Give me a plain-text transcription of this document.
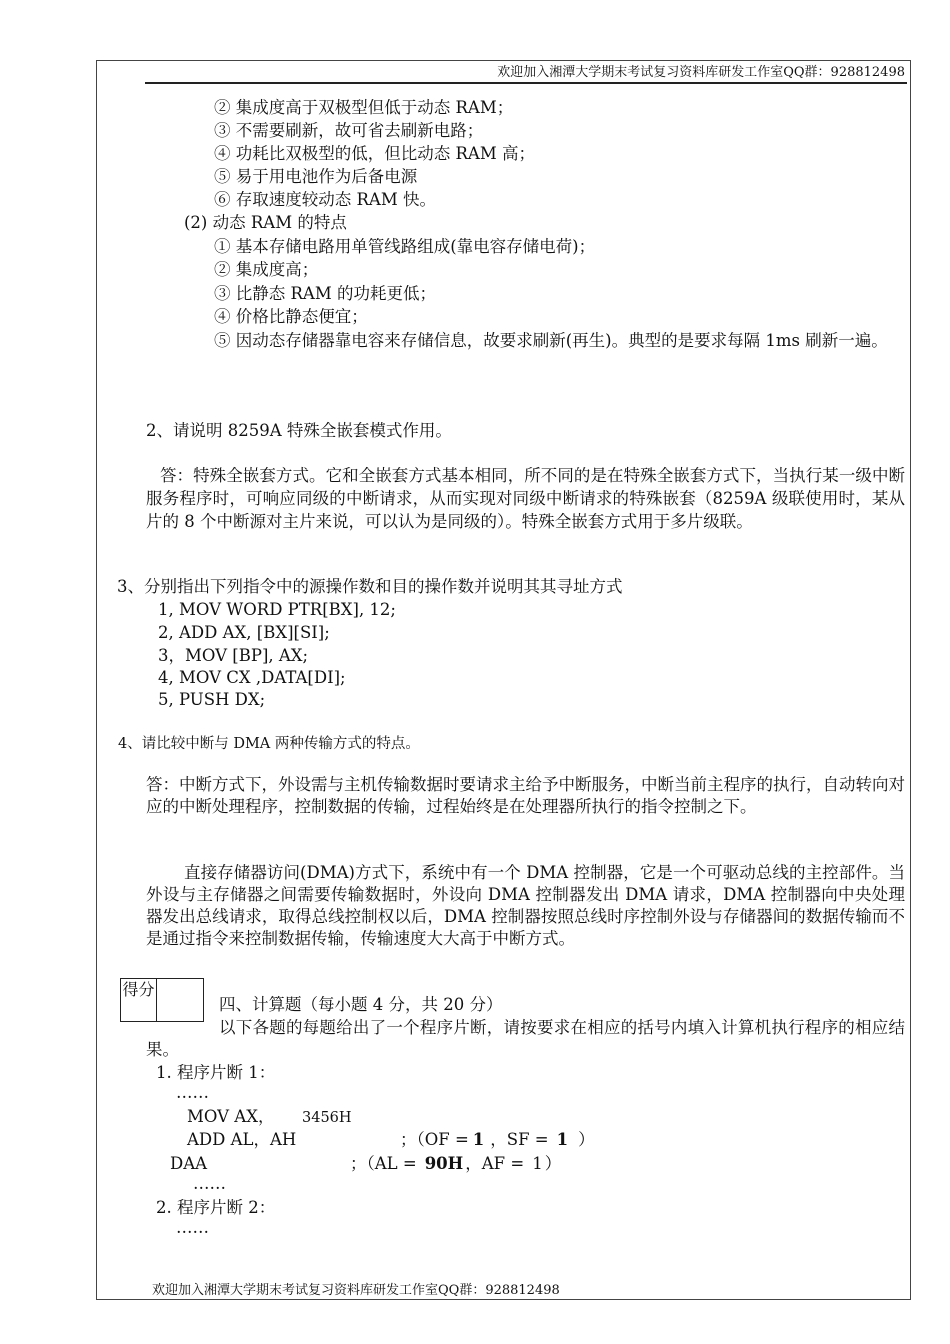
欢迎加入湘潭大学期末考试复习资料库研发工作室QQ群：928812498
② 集成度高于双极型但低于动态 RAM；
③ 不需要刷新，故可省去刷新电路；
④ 功耗比双极型的低，但比动态 RAM 高；
⑤ 易于用电池作为后备电源
⑥ 存取速度较动态 RAM 快。
(2) 动态 RAM 的特点
① 基本存储电路用单管线路组成(靠电容存储电荷)；
② 集成度高；
③ 比静态 RAM 的功耗更低；
④ 价格比静态便宜；
⑤ 因动态存储器靠电容来存储信息，故要求刷新(再生)。典型的是要求每隔 1ms 刷新一遍。
2、请说明 8259A 特殊全嵌套模式作用。
答：特殊全嵌套方式。它和全嵌套方式基本相同，所不同的是在特殊全嵌套方式下，当执行某一级中断服务程序时，可响应同级的中断请求，从而实现对同级中断请求的特殊嵌套（8259A 级联使用时，某从片的 8 个中断源对主片来说，可以认为是同级的）。特殊全嵌套方式用于多片级联。
3、分别指出下列指令中的源操作数和目的操作数并说明其其寻址方式
1, MOV WORD PTR[BX], 12;
2, ADD AX, [BX][SI];
3，MOV [BP], AX;
4, MOV CX ,DATA[DI];
5, PUSH DX;
4、请比较中断与 DMA 两种传输方式的特点。
答：中断方式下，外设需与主机传输数据时要请求主给予中断服务，中断当前主程序的执行，自动转向对应的中断处理程序，控制数据的传输，过程始终是在处理器所执行的指令控制之下。
直接存储器访问(DMA)方式下，系统中有一个 DMA 控制器，它是一个可驱动总线的主控部件。当外设与主存储器之间需要传输数据时，外设向 DMA 控制器发出 DMA 请求，DMA 控制器向中央处理器发出总线请求，取得总线控制权以后，DMA 控制器按照总线时序控制外设与存储器间的数据传输而不是通过指令来控制数据传输，传输速度大大高于中断方式。
得分
四、计算题（每小题 4 分，共 20 分）
以下各题的每题给出了一个程序片断，请按要求在相应的括号内填入计算机执行程序的相应结果。
1. 程序片断 1：
……
MOV AX， 3456H
ADD AL，AH	；（OF = 1 ，SF = 1 ）
DAA	；（AL = 90H ，AF = 1 ）
……
2. 程序片断 2：
……
欢迎加入湘潭大学期末考试复习资料库研发工作室QQ群：928812498
